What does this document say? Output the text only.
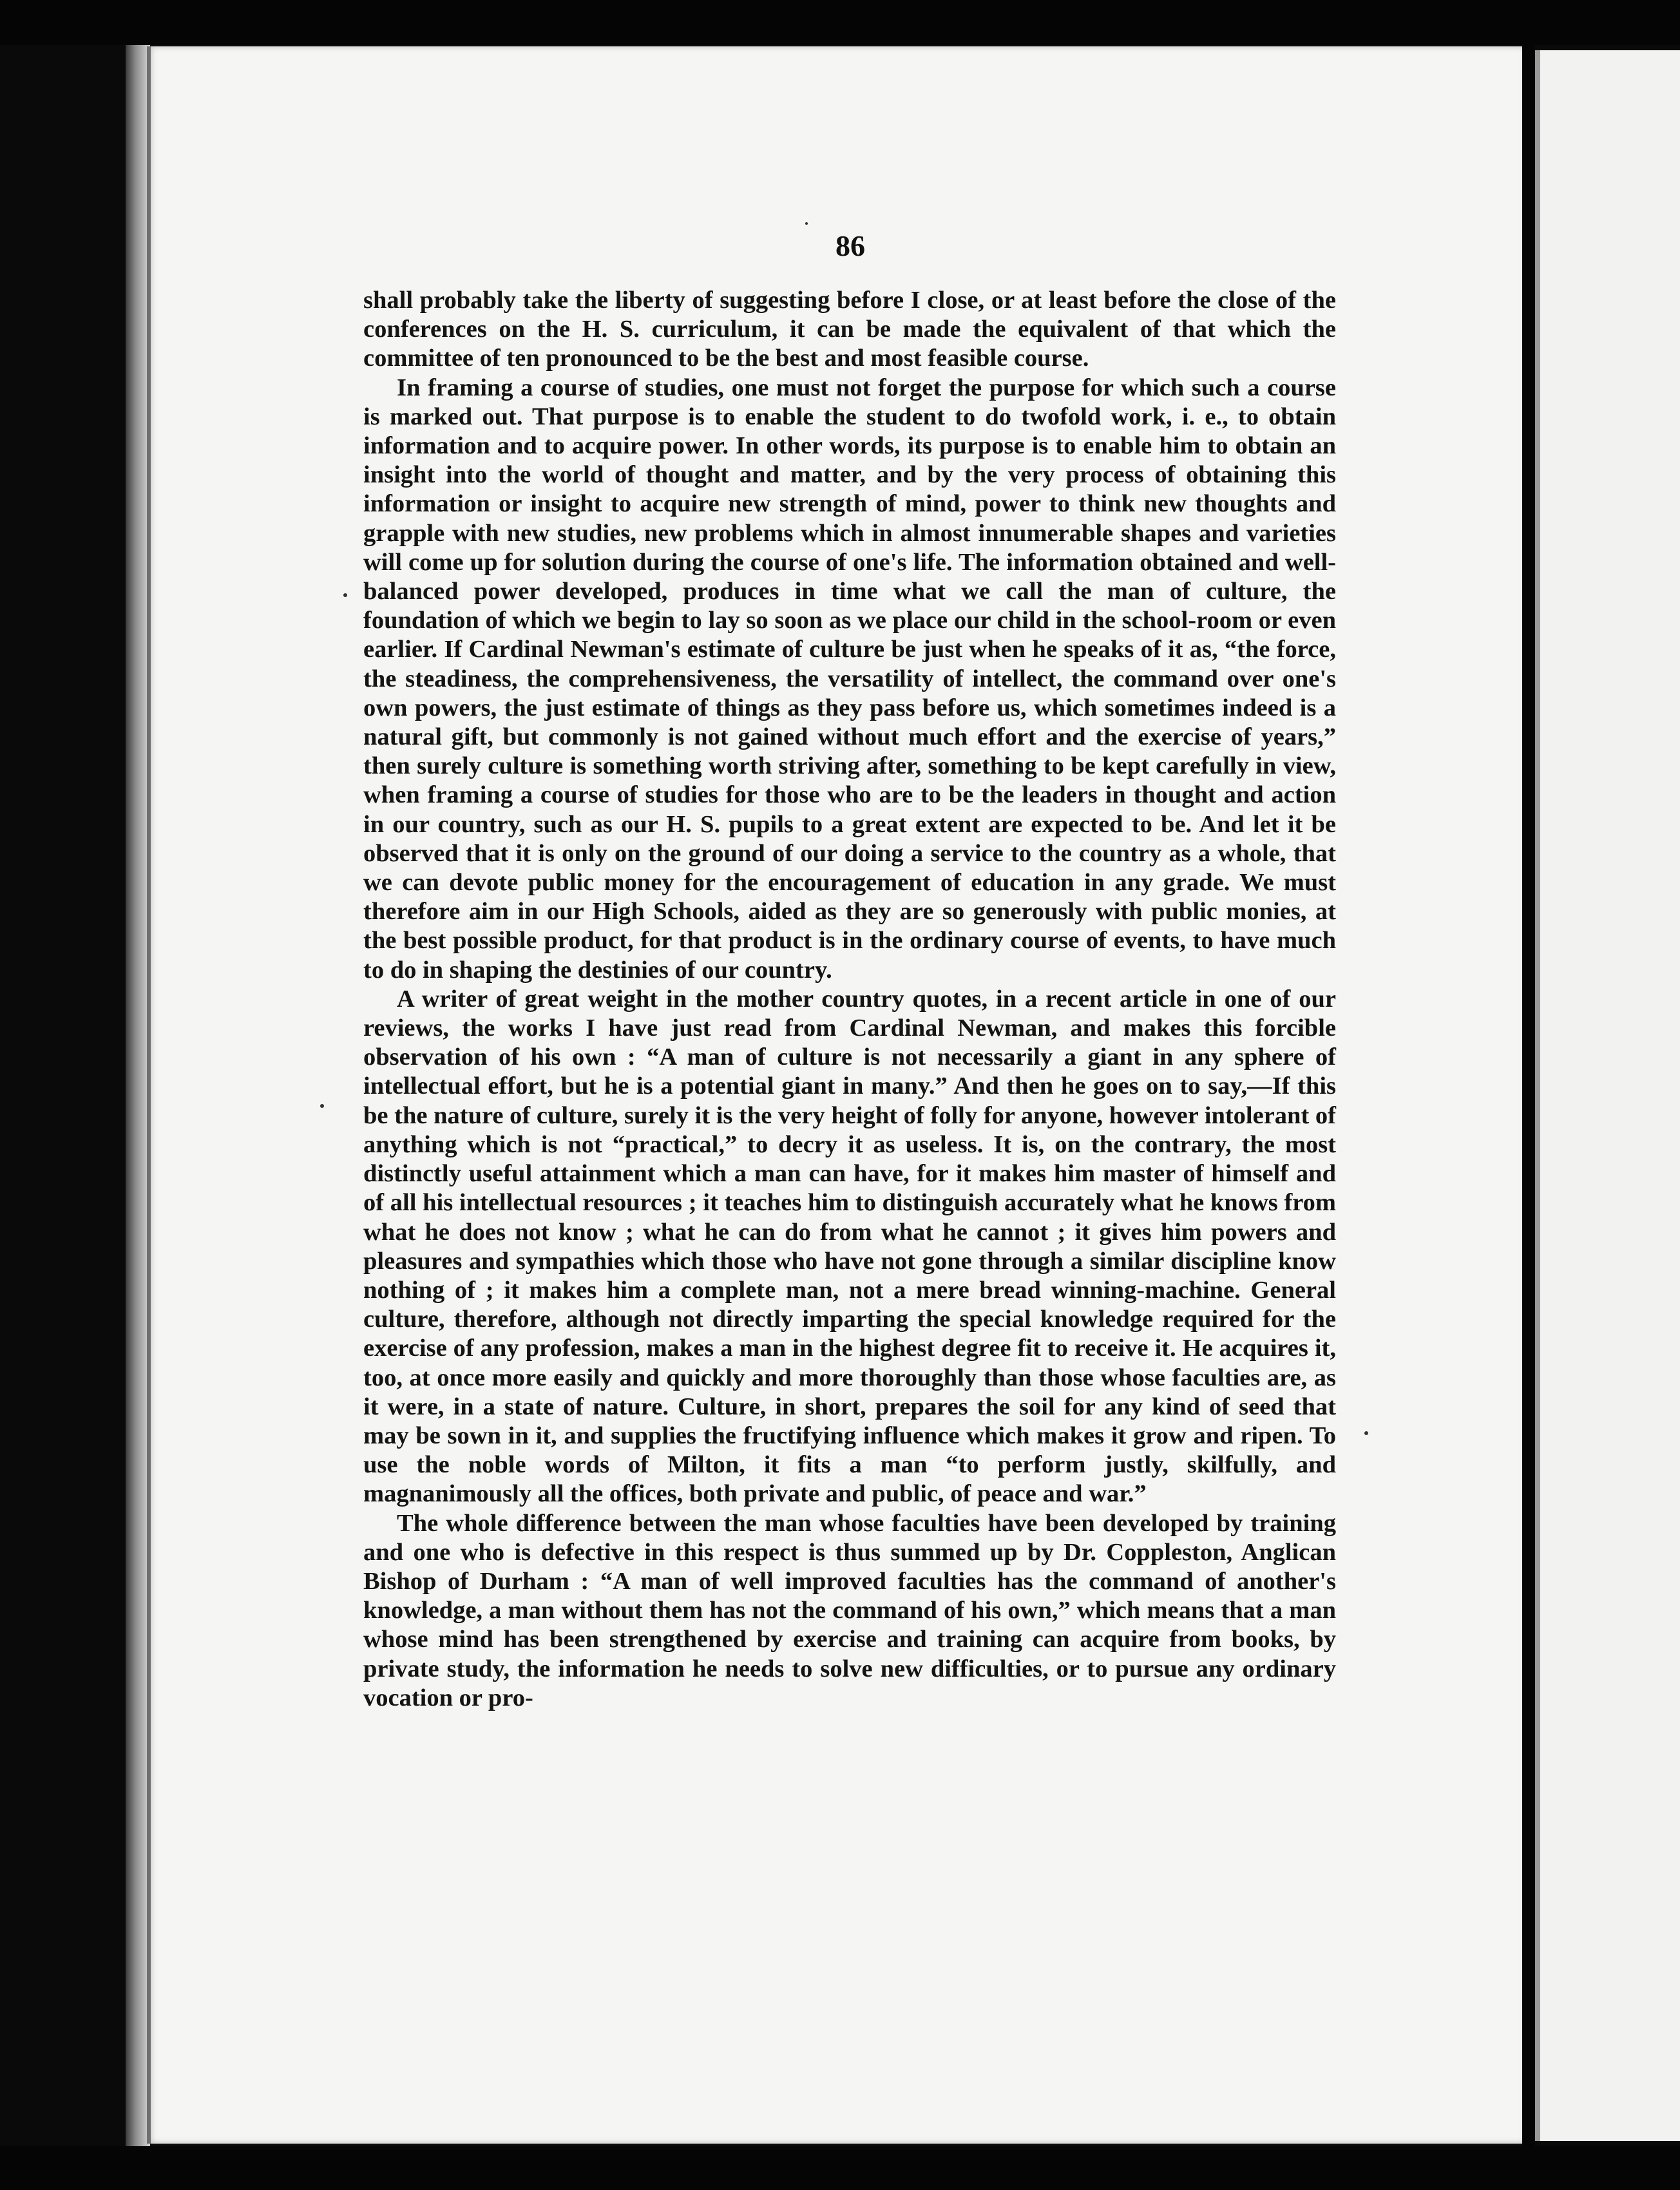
86

shall probably take the liberty of suggesting before I close, or at least before the close of the conferences on the H. S. curriculum, it can be made the equivalent of that which the committee of ten pronounced to be the best and most feasible course.

In framing a course of studies, one must not forget the purpose for which such a course is marked out. That purpose is to enable the student to do twofold work, i. e., to obtain information and to acquire power. In other words, its purpose is to enable him to obtain an insight into the world of thought and matter, and by the very process of obtaining this information or insight to acquire new strength of mind, power to think new thoughts and grapple with new studies, new problems which in almost innumerable shapes and varieties will come up for solution during the course of one's life. The information obtained and well-balanced power developed, produces in time what we call the man of culture, the foundation of which we begin to lay so soon as we place our child in the school-room or even earlier. If Cardinal Newman's estimate of culture be just when he speaks of it as, “the force, the steadiness, the comprehensiveness, the versatility of intellect, the command over one's own powers, the just estimate of things as they pass before us, which sometimes indeed is a natural gift, but commonly is not gained without much effort and the exercise of years,” then surely culture is something worth striving after, something to be kept carefully in view, when framing a course of studies for those who are to be the leaders in thought and action in our country, such as our H. S. pupils to a great extent are expected to be. And let it be observed that it is only on the ground of our doing a service to the country as a whole, that we can devote public money for the encouragement of education in any grade. We must therefore aim in our High Schools, aided as they are so generously with public monies, at the best possible product, for that product is in the ordinary course of events, to have much to do in shaping the destinies of our country.

A writer of great weight in the mother country quotes, in a recent article in one of our reviews, the works I have just read from Cardinal Newman, and makes this forcible observation of his own : “A man of culture is not necessarily a giant in any sphere of intellectual effort, but he is a potential giant in many.” And then he goes on to say,—If this be the nature of culture, surely it is the very height of folly for anyone, however intolerant of anything which is not “practical,” to decry it as useless. It is, on the contrary, the most distinctly useful attainment which a man can have, for it makes him master of himself and of all his intellectual resources ; it teaches him to distinguish accurately what he knows from what he does not know ; what he can do from what he cannot ; it gives him powers and pleasures and sympathies which those who have not gone through a similar discipline know nothing of ; it makes him a complete man, not a mere bread winning-machine. General culture, therefore, although not directly imparting the special knowledge required for the exercise of any profession, makes a man in the highest degree fit to receive it. He acquires it, too, at once more easily and quickly and more thoroughly than those whose faculties are, as it were, in a state of nature. Culture, in short, prepares the soil for any kind of seed that may be sown in it, and supplies the fructifying influence which makes it grow and ripen. To use the noble words of Milton, it fits a man “to perform justly, skilfully, and magnanimously all the offices, both private and public, of peace and war.”

The whole difference between the man whose faculties have been developed by training and one who is defective in this respect is thus summed up by Dr. Coppleston, Anglican Bishop of Durham : “A man of well improved faculties has the command of another's knowledge, a man without them has not the command of his own,” which means that a man whose mind has been strengthened by exercise and training can acquire from books, by private study, the information he needs to solve new difficulties, or to pursue any ordinary vocation or pro-
